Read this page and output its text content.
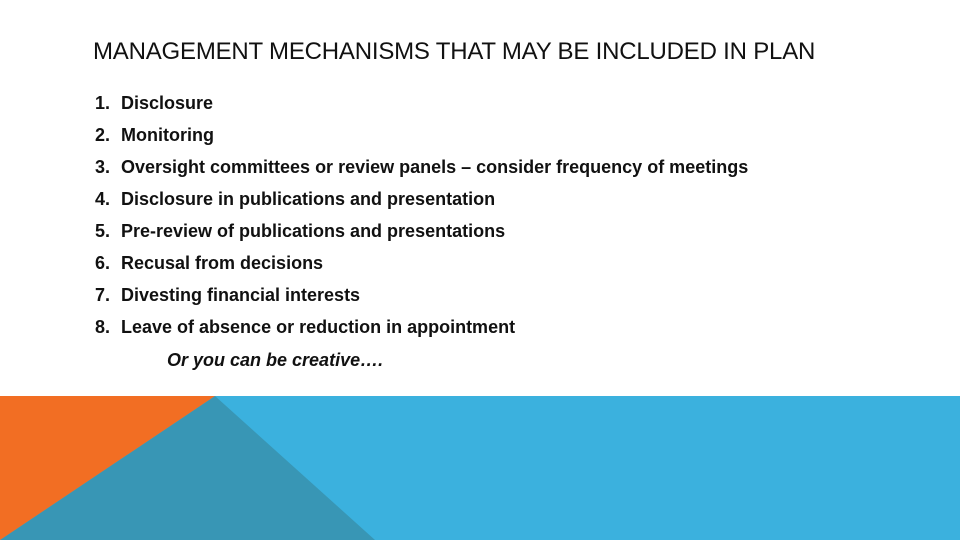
MANAGEMENT MECHANISMS THAT MAY BE INCLUDED IN PLAN
1. Disclosure
2. Monitoring
3. Oversight committees or review panels – consider frequency of meetings
4. Disclosure in publications and presentation
5. Pre-review of publications and presentations
6. Recusal from decisions
7. Divesting financial interests
8. Leave of absence or reduction in appointment

Or you can be creative….
